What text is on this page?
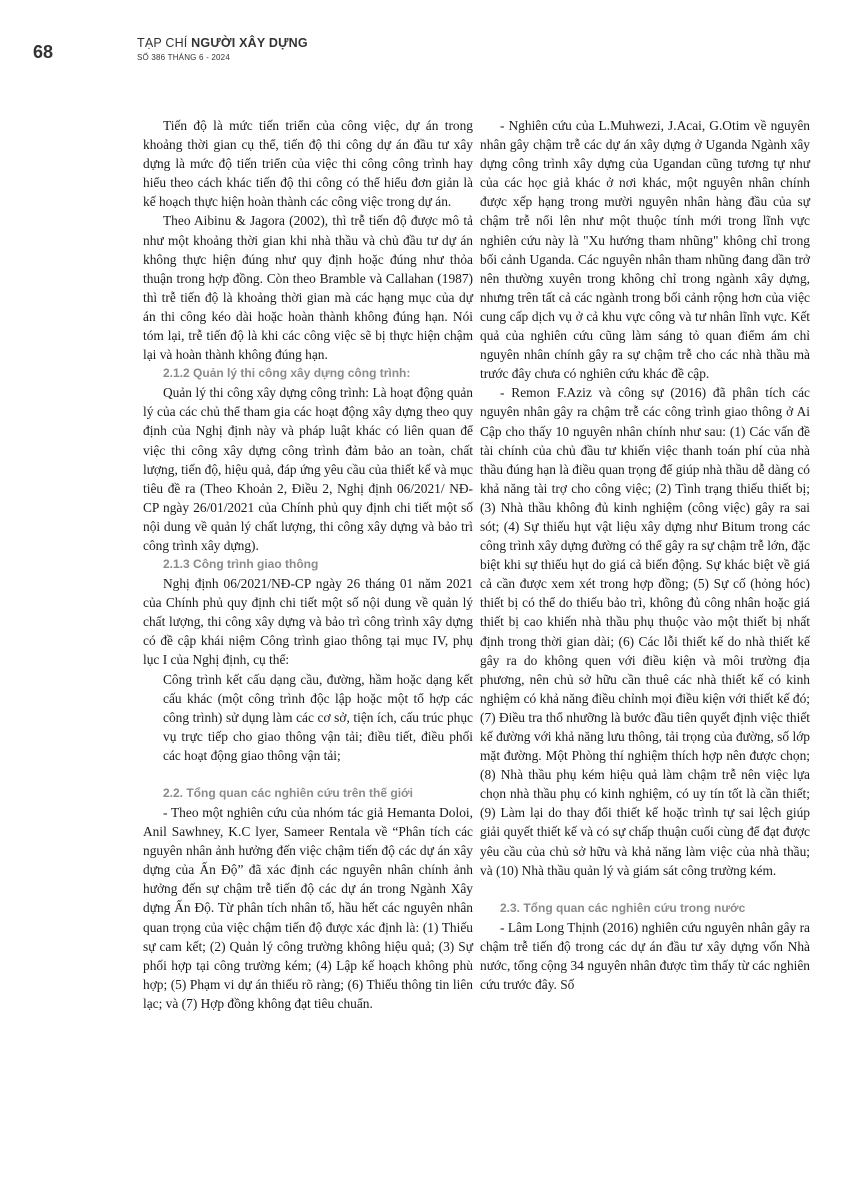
68	TẠP CHÍ NGƯỜI XÂY DỰNG
SỐ 386 THÁNG 6 - 2024

Tiến độ là mức tiến triển của công việc, dự án trong khoảng thời gian cụ thể, tiến độ thi công dự án đầu tư xây dựng là mức độ tiến triển của việc thi công công trình hay hiểu theo cách khác tiến độ thi công có thể hiểu đơn giản là kế hoạch thực hiện hoàn thành các công việc trong dự án.

Theo Aibinu & Jagora (2002), thì trễ tiến độ được mô tả như một khoảng thời gian khi nhà thầu và chủ đầu tư dự án không thực hiện đúng như quy định hoặc đúng như thỏa thuận trong hợp đồng. Còn theo Bramble và Callahan (1987) thì trễ tiến độ là khoảng thời gian mà các hạng mục của dự án thi công kéo dài hoặc hoàn thành không đúng hạn. Nói tóm lại, trễ tiến độ là khi các công việc sẽ bị thực hiện chậm lại và hoàn thành không đúng hạn.

2.1.2 Quản lý thi công xây dựng công trình:

Quản lý thi công xây dựng công trình: Là hoạt động quản lý của các chủ thể tham gia các hoạt động xây dựng theo quy định của Nghị định này và pháp luật khác có liên quan để việc thi công xây dựng công trình đảm bảo an toàn, chất lượng, tiến độ, hiệu quả, đáp ứng yêu cầu của thiết kế và mục tiêu đề ra (Theo Khoản 2, Điều 2, Nghị định 06/2021/ NĐ-CP ngày 26/01/2021 của Chính phủ quy định chi tiết một số nội dung về quản lý chất lượng, thi công xây dựng và bảo trì công trình xây dựng).

2.1.3 Công trình giao thông

Nghị định 06/2021/NĐ-CP ngày 26 tháng 01 năm 2021 của Chính phủ quy định chi tiết một số nội dung về quản lý chất lượng, thi công xây dựng và bảo trì công trình xây dựng có đề cập khái niệm Công trình giao thông tại mục IV, phụ lục I của Nghị định, cụ thể:

Công trình kết cấu dạng cầu, đường, hầm hoặc dạng kết cấu khác (một công trình độc lập hoặc một tổ hợp các công trình) sử dụng làm các cơ sở, tiện ích, cấu trúc phục vụ trực tiếp cho giao thông vận tải; điều tiết, điều phối các hoạt động giao thông vận tải;

2.2. Tổng quan các nghiên cứu trên thế giới

- Theo một nghiên cứu của nhóm tác giả Hemanta Doloi, Anil Sawhney, K.C lyer, Sameer Rentala về “Phân tích các nguyên nhân ảnh hưởng đến việc chậm tiến độ các dự án xây dựng của Ấn Độ” đã xác định các nguyên nhân chính ảnh hưởng đến sự chậm trễ tiến độ các dự án trong Ngành Xây dựng Ấn Độ. Từ phân tích nhân tố, hầu hết các nguyên nhân quan trọng của việc chậm tiến độ được xác định là: (1) Thiếu sự cam kết; (2) Quản lý công trường không hiệu quả; (3) Sự phối hợp tại công trường kém; (4) Lập kế hoạch không phù hợp; (5) Phạm vi dự án thiếu rõ ràng; (6) Thiếu thông tin liên lạc; và (7) Hợp đồng không đạt tiêu chuẩn.

- Nghiên cứu của L.Muhwezi, J.Acai, G.Otim về nguyên nhân gây chậm trễ các dự án xây dựng ở Uganda Ngành xây dựng công trình xây dựng của Ugandan cũng tương tự như của các học giả khác ở nơi khác, một nguyên nhân chính được xếp hạng trong mười nguyên nhân hàng đầu của sự chậm trễ nổi lên như một thuộc tính mới trong lĩnh vực nghiên cứu này là "Xu hướng tham nhũng" không chỉ trong bối cảnh Uganda. Các nguyên nhân tham nhũng đang dần trở nên thường xuyên trong không chỉ trong ngành xây dựng, nhưng trên tất cả các ngành trong bối cảnh rộng hơn của việc cung cấp dịch vụ ở cả khu vực công và tư nhân lĩnh vực. Kết quả của nghiên cứu cũng làm sáng tỏ quan điểm ám chỉ nguyên nhân chính gây ra sự chậm trễ cho các nhà thầu mà trước đây chưa có nghiên cứu khác đề cập.

- Remon F.Aziz và công sự (2016) đã phân tích các nguyên nhân gây ra chậm trễ các công trình giao thông ở Ai Cập cho thấy 10 nguyên nhân chính như sau: (1) Các vấn đề tài chính của chủ đầu tư khiến việc thanh toán phí của nhà thầu đúng hạn là điều quan trọng để giúp nhà thầu dễ dàng có khả năng tài trợ cho công việc; (2) Tình trạng thiếu thiết bị; (3) Nhà thầu không đủ kinh nghiệm (công việc) gây ra sai sót; (4) Sự thiếu hụt vật liệu xây dựng như Bitum trong các công trình xây dựng đường có thể gây ra sự chậm trễ lớn, đặc biệt khi sự thiếu hụt do giá cả biến động. Sự khác biệt về giá cả cần được xem xét trong hợp đồng; (5) Sự cố (hỏng hóc) thiết bị có thể do thiếu bảo trì, không đủ công nhân hoặc giá thiết bị cao khiến nhà thầu phụ thuộc vào một thiết bị nhất định trong thời gian dài; (6) Các lỗi thiết kế do nhà thiết kế gây ra do không quen với điều kiện và môi trường địa phương, nên chủ sở hữu cần thuê các nhà thiết kế có kinh nghiệm có khả năng điều chỉnh mọi điều kiện với thiết kế đó; (7) Điều tra thổ nhưỡng là bước đầu tiên quyết định việc thiết kế đường với khả năng lưu thông, tải trọng của đường, số lớp mặt đường. Một Phòng thí nghiệm thích hợp nên được chọn; (8) Nhà thầu phụ kém hiệu quả làm chậm trễ nên việc lựa chọn nhà thầu phụ có kinh nghiệm, có uy tín tốt là cần thiết; (9) Làm lại do thay đổi thiết kế hoặc trình tự sai lệch giúp giải quyết thiết kế và có sự chấp thuận cuối cùng để đạt được yêu cầu của chủ sở hữu và khả năng làm việc của nhà thầu; và (10) Nhà thầu quản lý và giám sát công trường kém.

2.3. Tổng quan các nghiên cứu trong nước

- Lâm Long Thịnh (2016) nghiên cứu nguyên nhân gây ra chậm trễ tiến độ trong các dự án đầu tư xây dựng vốn Nhà nước, tổng cộng 34 nguyên nhân được tìm thấy từ các nghiên cứu trước đây. Số
